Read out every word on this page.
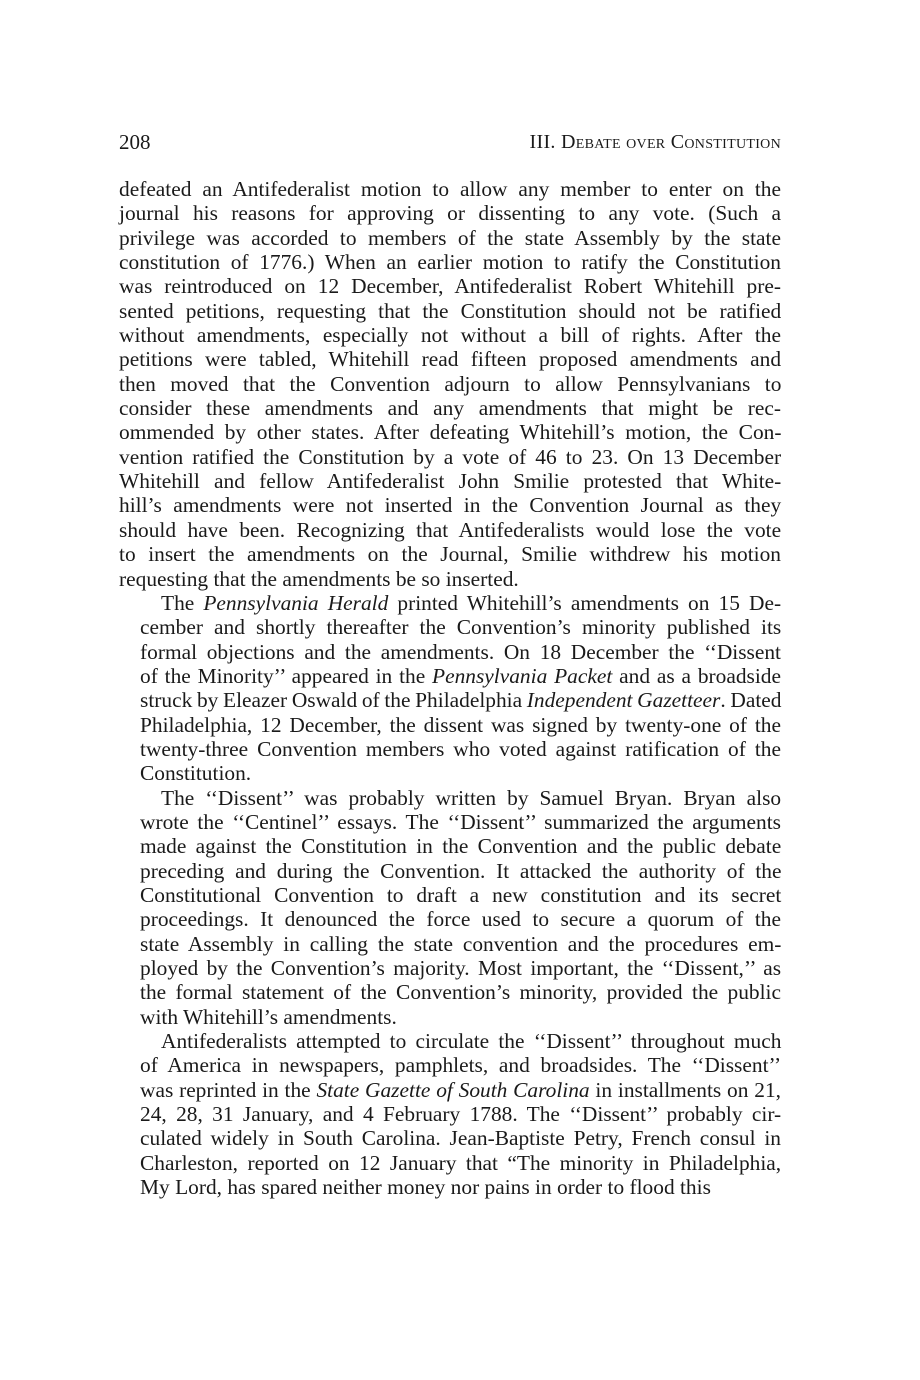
208	III. Debate over Constitution
defeated an Antifederalist motion to allow any member to enter on the
journal his reasons for approving or dissenting to any vote. (Such a
privilege was accorded to members of the state Assembly by the state
constitution of 1776.) When an earlier motion to ratify the Constitution
was reintroduced on 12 December, Antifederalist Robert Whitehill pre-
sented petitions, requesting that the Constitution should not be ratified
without amendments, especially not without a bill of rights. After the
petitions were tabled, Whitehill read fifteen proposed amendments and
then moved that the Convention adjourn to allow Pennsylvanians to
consider these amendments and any amendments that might be rec-
ommended by other states. After defeating Whitehill’s motion, the Con-
vention ratified the Constitution by a vote of 46 to 23. On 13 December
Whitehill and fellow Antifederalist John Smilie protested that White-
hill’s amendments were not inserted in the Convention Journal as they
should have been. Recognizing that Antifederalists would lose the vote
to insert the amendments on the Journal, Smilie withdrew his motion
requesting that the amendments be so inserted.
The Pennsylvania Herald printed Whitehill’s amendments on 15 De-
cember and shortly thereafter the Convention’s minority published its
formal objections and the amendments. On 18 December the ‘‘Dissent
of the Minority’’ appeared in the Pennsylvania Packet and as a broadside
struck by Eleazer Oswald of the Philadelphia Independent Gazetteer. Dated
Philadelphia, 12 December, the dissent was signed by twenty-one of the
twenty-three Convention members who voted against ratification of the
Constitution.
The ‘‘Dissent’’ was probably written by Samuel Bryan. Bryan also
wrote the ‘‘Centinel’’ essays. The ‘‘Dissent’’ summarized the arguments
made against the Constitution in the Convention and the public debate
preceding and during the Convention. It attacked the authority of the
Constitutional Convention to draft a new constitution and its secret
proceedings. It denounced the force used to secure a quorum of the
state Assembly in calling the state convention and the procedures em-
ployed by the Convention’s majority. Most important, the ‘‘Dissent,’’ as
the formal statement of the Convention’s minority, provided the public
with Whitehill’s amendments.
Antifederalists attempted to circulate the ‘‘Dissent’’ throughout much
of America in newspapers, pamphlets, and broadsides. The ‘‘Dissent’’
was reprinted in the State Gazette of South Carolina in installments on 21,
24, 28, 31 January, and 4 February 1788. The ‘‘Dissent’’ probably cir-
culated widely in South Carolina. Jean-Baptiste Petry, French consul in
Charleston, reported on 12 January that “The minority in Philadelphia,
My Lord, has spared neither money nor pains in order to flood this
